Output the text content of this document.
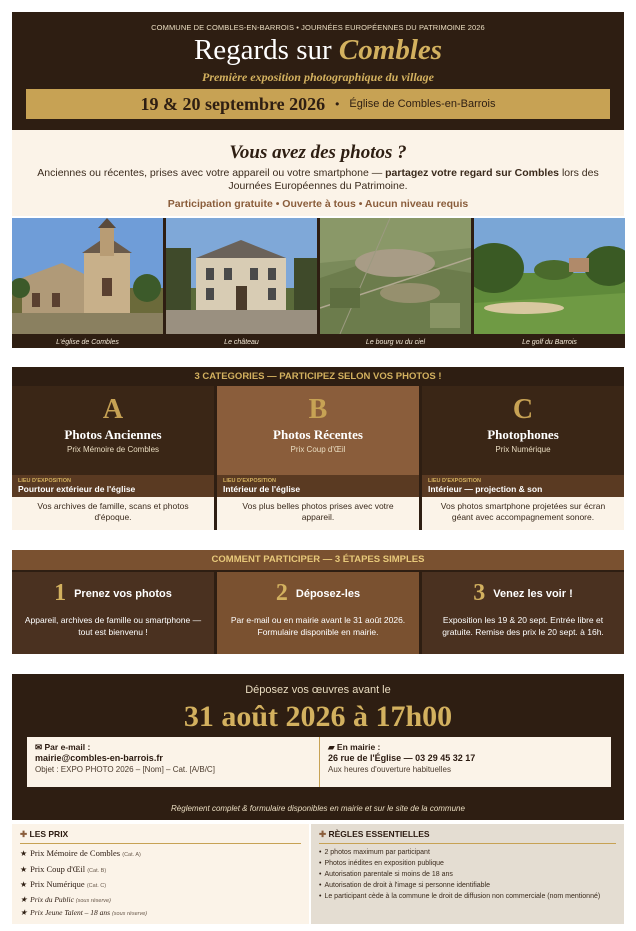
COMMUNE DE COMBLES-EN-BARROIS • JOURNÉES EUROPÉENNES DU PATRIMOINE 2026
Regards sur Combles
Première exposition photographique du village
19 & 20 septembre 2026 • Église de Combles-en-Barrois
Vous avez des photos ?

Anciennes ou récentes, prises avec votre appareil ou votre smartphone — partagez votre regard sur Combles lors des Journées Européennes du Patrimoine.

Participation gratuite • Ouverte à tous • Aucun niveau requis
L'église de Combles	Le château	Le bourg vu du ciel	Le golf du Barrois
3 CATEGORIES — PARTICIPEZ SELON VOS PHOTOS !
A
Photos Anciennes
Prix Mémoire de Combles
LIEU D'EXPOSITION
Pourtour extérieur de l'église
Vos archives de famille, scans et photos d'époque.
B
Photos Récentes
Prix Coup d'Œil
LIEU D'EXPOSITION
Intérieur de l'église
Vos plus belles photos prises avec votre appareil.
C
Photophones
Prix Numérique
LIEU D'EXPOSITION
Intérieur — projection & son
Vos photos smartphone projetées sur écran géant avec accompagnement sonore.
COMMENT PARTICIPER — 3 ÉTAPES SIMPLES
1 Prenez vos photos
Appareil, archives de famille ou smartphone — tout est bienvenu !
2 Déposez-les
Par e-mail ou en mairie avant le 31 août 2026. Formulaire disponible en mairie.
3 Venez les voir !
Exposition les 19 & 20 sept. Entrée libre et gratuite. Remise des prix le 20 sept. à 16h.
Déposez vos œuvres avant le
31 août 2026 à 17h00
✉ Par e-mail :
mairie@combles-en-barrois.fr
Objet : EXPO PHOTO 2026 – [Nom] – Cat. [A/B/C]
▰ En mairie :
26 rue de l'Église — 03 29 45 32 17
Aux heures d'ouverture habituelles
Règlement complet & formulaire disponibles en mairie et sur le site de la commune
✚ LES PRIX
★ Prix Mémoire de Combles (Cat. A)
★ Prix Coup d'Œil (Cat. B)
★ Prix Numérique (Cat. C)
★ Prix du Public (sous réserve)
★ Prix Jeune Talent – 18 ans (sous réserve)
✚ RÈGLES ESSENTIELLES
• 2 photos maximum par participant
• Photos inédites en exposition publique
• Autorisation parentale si moins de 18 ans
• Autorisation de droit à l'image si personne identifiable
• Le participant cède à la commune le droit de diffusion non commerciale (nom mentionné)
